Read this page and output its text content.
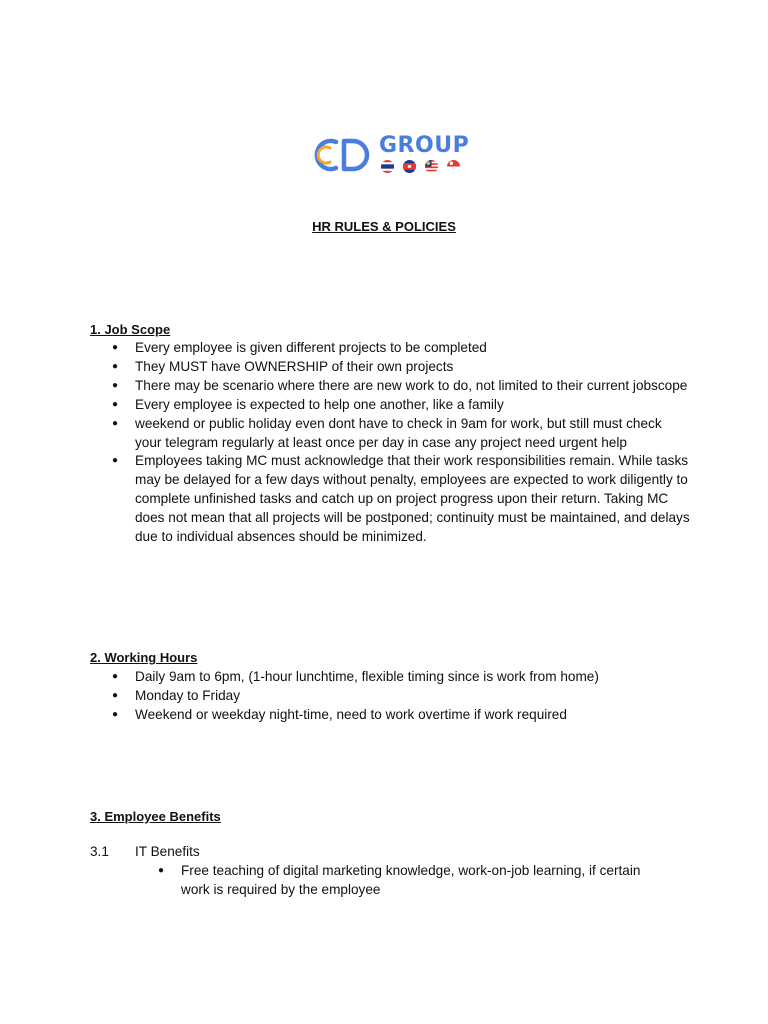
GROUP
HR RULES & POLICIES
1. Job Scope
● Every employee is given different projects to be completed
● They MUST have OWNERSHIP of their own projects
● There may be scenario where there are new work to do, not limited to their current jobscope
● Every employee is expected to help one another, like a family
● weekend or public holiday even dont have to check in 9am for work, but still must check your telegram regularly at least once per day in case any project need urgent help
● Employees taking MC must acknowledge that their work responsibilities remain. While tasks may be delayed for a few days without penalty, employees are expected to work diligently to complete unfinished tasks and catch up on project progress upon their return. Taking MC does not mean that all projects will be postponed; continuity must be maintained, and delays due to individual absences should be minimized.
2. Working Hours
● Daily 9am to 6pm, (1-hour lunchtime, flexible timing since is work from home)
● Monday to Friday
● Weekend or weekday night-time, need to work overtime if work required
3. Employee Benefits
3.1 IT Benefits
● Free teaching of digital marketing knowledge, work-on-job learning, if certain work is required by the employee
